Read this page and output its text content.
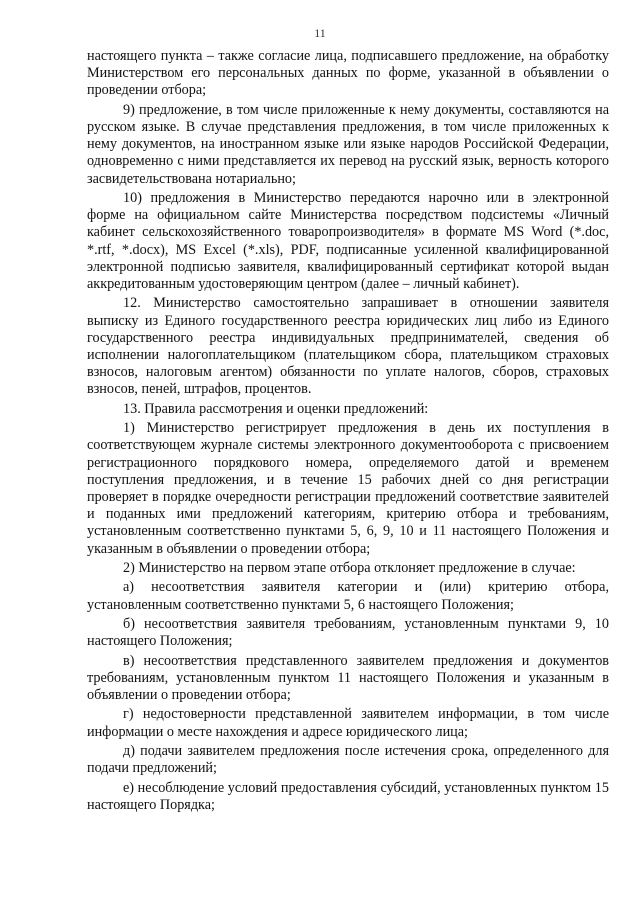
11

настоящего пункта – также согласие лица, подписавшего предложение, на обработку Министерством его персональных данных по форме, указанной в объявлении о проведении отбора;

9) предложение, в том числе приложенные к нему документы, составляются на русском языке. В случае представления предложения, в том числе приложенных к нему документов, на иностранном языке или языке народов Российской Федерации, одновременно с ними представляется их перевод на русский язык, верность которого засвидетельствована нотариально;

10) предложения в Министерство передаются нарочно или в электронной форме на официальном сайте Министерства посредством подсистемы «Личный кабинет сельскохозяйственного товаропроизводителя» в формате MS Word (*.doc, *.rtf, *.docx), MS Excel (*.xls), PDF, подписанные усиленной квалифицированной электронной подписью заявителя, квалифицированный сертификат которой выдан аккредитованным удостоверяющим центром (далее – личный кабинет).

12. Министерство самостоятельно запрашивает в отношении заявителя выписку из Единого государственного реестра юридических лиц либо из Единого государственного реестра индивидуальных предпринимателей, сведения об исполнении налогоплательщиком (плательщиком сбора, плательщиком страховых взносов, налоговым агентом) обязанности по уплате налогов, сборов, страховых взносов, пеней, штрафов, процентов.

13. Правила рассмотрения и оценки предложений:

1) Министерство регистрирует предложения в день их поступления в соответствующем журнале системы электронного документооборота с присвоением регистрационного порядкового номера, определяемого датой и временем поступления предложения, и в течение 15 рабочих дней со дня регистрации проверяет в порядке очередности регистрации предложений соответствие заявителей и поданных ими предложений категориям, критерию отбора и требованиям, установленным соответственно пунктами 5, 6, 9, 10 и 11 настоящего Положения и указанным в объявлении о проведении отбора;

2) Министерство на первом этапе отбора отклоняет предложение в случае:

а) несоответствия заявителя категории и (или) критерию отбора, установленным соответственно пунктами 5, 6 настоящего Положения;

б) несоответствия заявителя требованиям, установленным пунктами 9, 10 настоящего Положения;

в) несоответствия представленного заявителем предложения и документов требованиям, установленным пунктом 11 настоящего Положения и указанным в объявлении о проведении отбора;

г) недостоверности представленной заявителем информации, в том числе информации о месте нахождения и адресе юридического лица;

д) подачи заявителем предложения после истечения срока, определенного для подачи предложений;

е) несоблюдение условий предоставления субсидий, установленных пунктом 15 настоящего Порядка;
